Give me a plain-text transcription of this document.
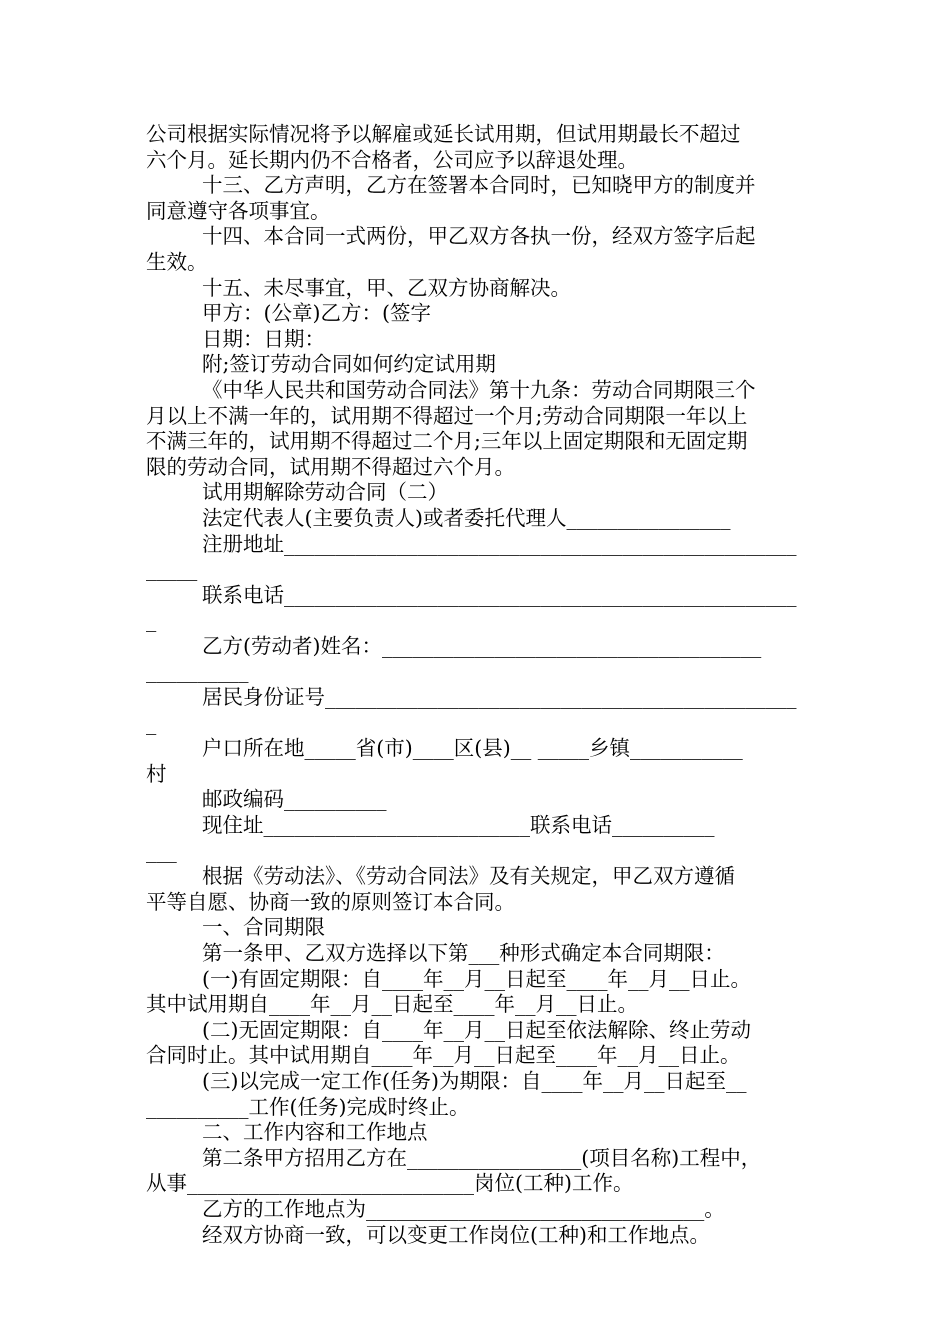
公司根据实际情况将予以解雇或延长试用期，但试用期最长不超过

六个月。延长期内仍不合格者，公司应予以辞退处理。

十三、乙方声明，乙方在签署本合同时，已知晓甲方的制度并

同意遵守各项事宜。

十四、本合同一式两份，甲乙双方各执一份，经双方签字后起

生效。

十五、未尽事宜，甲、乙双方协商解决。

甲方：(公章)乙方：(签字

日期：日期：

附;签订劳动合同如何约定试用期

《中华人民共和国劳动合同法》第十九条：劳动合同期限三个

月以上不满一年的，试用期不得超过一个月;劳动合同期限一年以上

不满三年的，试用期不得超过二个月;三年以上固定期限和无固定期

限的劳动合同，试用期不得超过六个月。

试用期解除劳动合同（二）

法定代表人(主要负责人)或者委托代理人________________

注册地址__________________________________________________

_____

联系电话__________________________________________________

_

乙方(劳动者)姓名：_____________________________________

__________

居民身份证号______________________________________________

_

户口所在地_____省(市)____区(县)__ _____乡镇___________

村

邮政编码__________

现住址__________________________联系电话__________

___

根据《劳动法》、《劳动合同法》及有关规定，甲乙双方遵循

平等自愿、协商一致的原则签订本合同。

一、合同期限

第一条甲、乙双方选择以下第___种形式确定本合同期限：

(一)有固定期限：自____年__月__日起至____年__月__日止。

其中试用期自____年__月__日起至____年__月__日止。

(二)无固定期限：自____年__月__日起至依法解除、终止劳动

合同时止。其中试用期自____年__月__日起至____年__月__日止。

(三)以完成一定工作(任务)为期限：自____年__月__日起至__

__________工作(任务)完成时终止。

二、工作内容和工作地点

第二条甲方招用乙方在_________________(项目名称)工程中，

从事____________________________岗位(工种)工作。

乙方的工作地点为_________________________________。

经双方协商一致，可以变更工作岗位(工种)和工作地点。
